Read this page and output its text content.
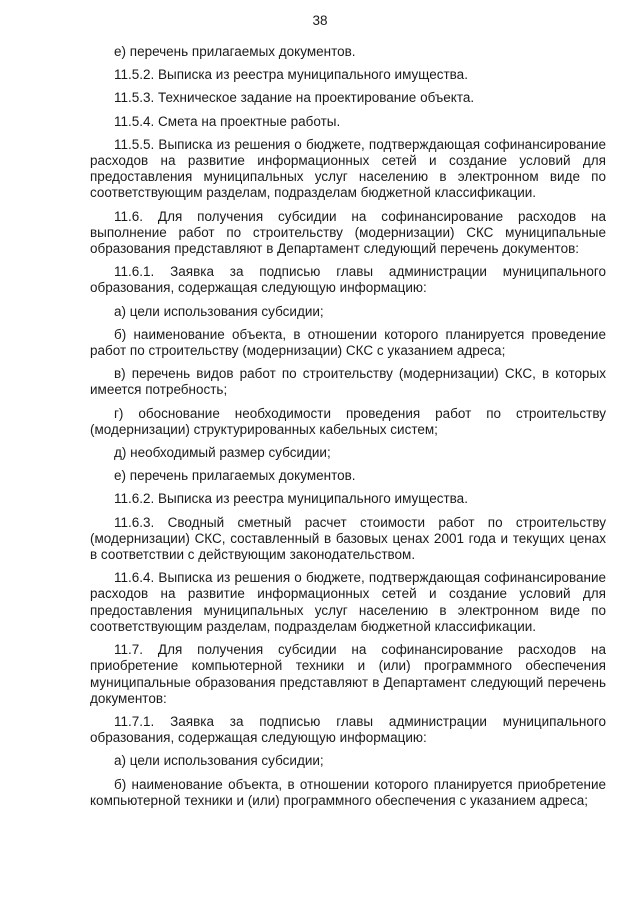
38

е) перечень прилагаемых документов.

11.5.2. Выписка из реестра муниципального имущества.

11.5.3. Техническое задание на проектирование объекта.

11.5.4. Смета на проектные работы.

11.5.5. Выписка из решения о бюджете, подтверждающая софинансирование расходов на развитие информационных сетей и создание условий для предоставления муниципальных услуг населению в электронном виде по соответствующим разделам, подразделам бюджетной классификации.

11.6. Для получения субсидии на софинансирование расходов на выполнение работ по строительству (модернизации) СКС муниципальные образования представляют в Департамент следующий перечень документов:

11.6.1. Заявка за подписью главы администрации муниципального образования, содержащая следующую информацию:

а) цели использования субсидии;

б) наименование объекта, в отношении которого планируется проведение работ по строительству (модернизации) СКС с указанием адреса;

в) перечень видов работ по строительству (модернизации) СКС, в которых имеется потребность;

г) обоснование необходимости проведения работ по строительству (модернизации) структурированных кабельных систем;

д) необходимый размер субсидии;

е) перечень прилагаемых документов.

11.6.2. Выписка из реестра муниципального имущества.

11.6.3. Сводный сметный расчет стоимости работ по строительству (модернизации) СКС, составленный в базовых ценах 2001 года и текущих ценах в соответствии с действующим законодательством.

11.6.4. Выписка из решения о бюджете, подтверждающая софинансирование расходов на развитие информационных сетей и создание условий для предоставления муниципальных услуг населению в электронном виде по соответствующим разделам, подразделам бюджетной классификации.

11.7. Для получения субсидии на софинансирование расходов на приобретение компьютерной техники и (или) программного обеспечения муниципальные образования представляют в Департамент следующий перечень документов:

11.7.1. Заявка за подписью главы администрации муниципального образования, содержащая следующую информацию:

а) цели использования субсидии;

б) наименование объекта, в отношении которого планируется приобретение компьютерной техники и (или) программного обеспечения с указанием адреса;
